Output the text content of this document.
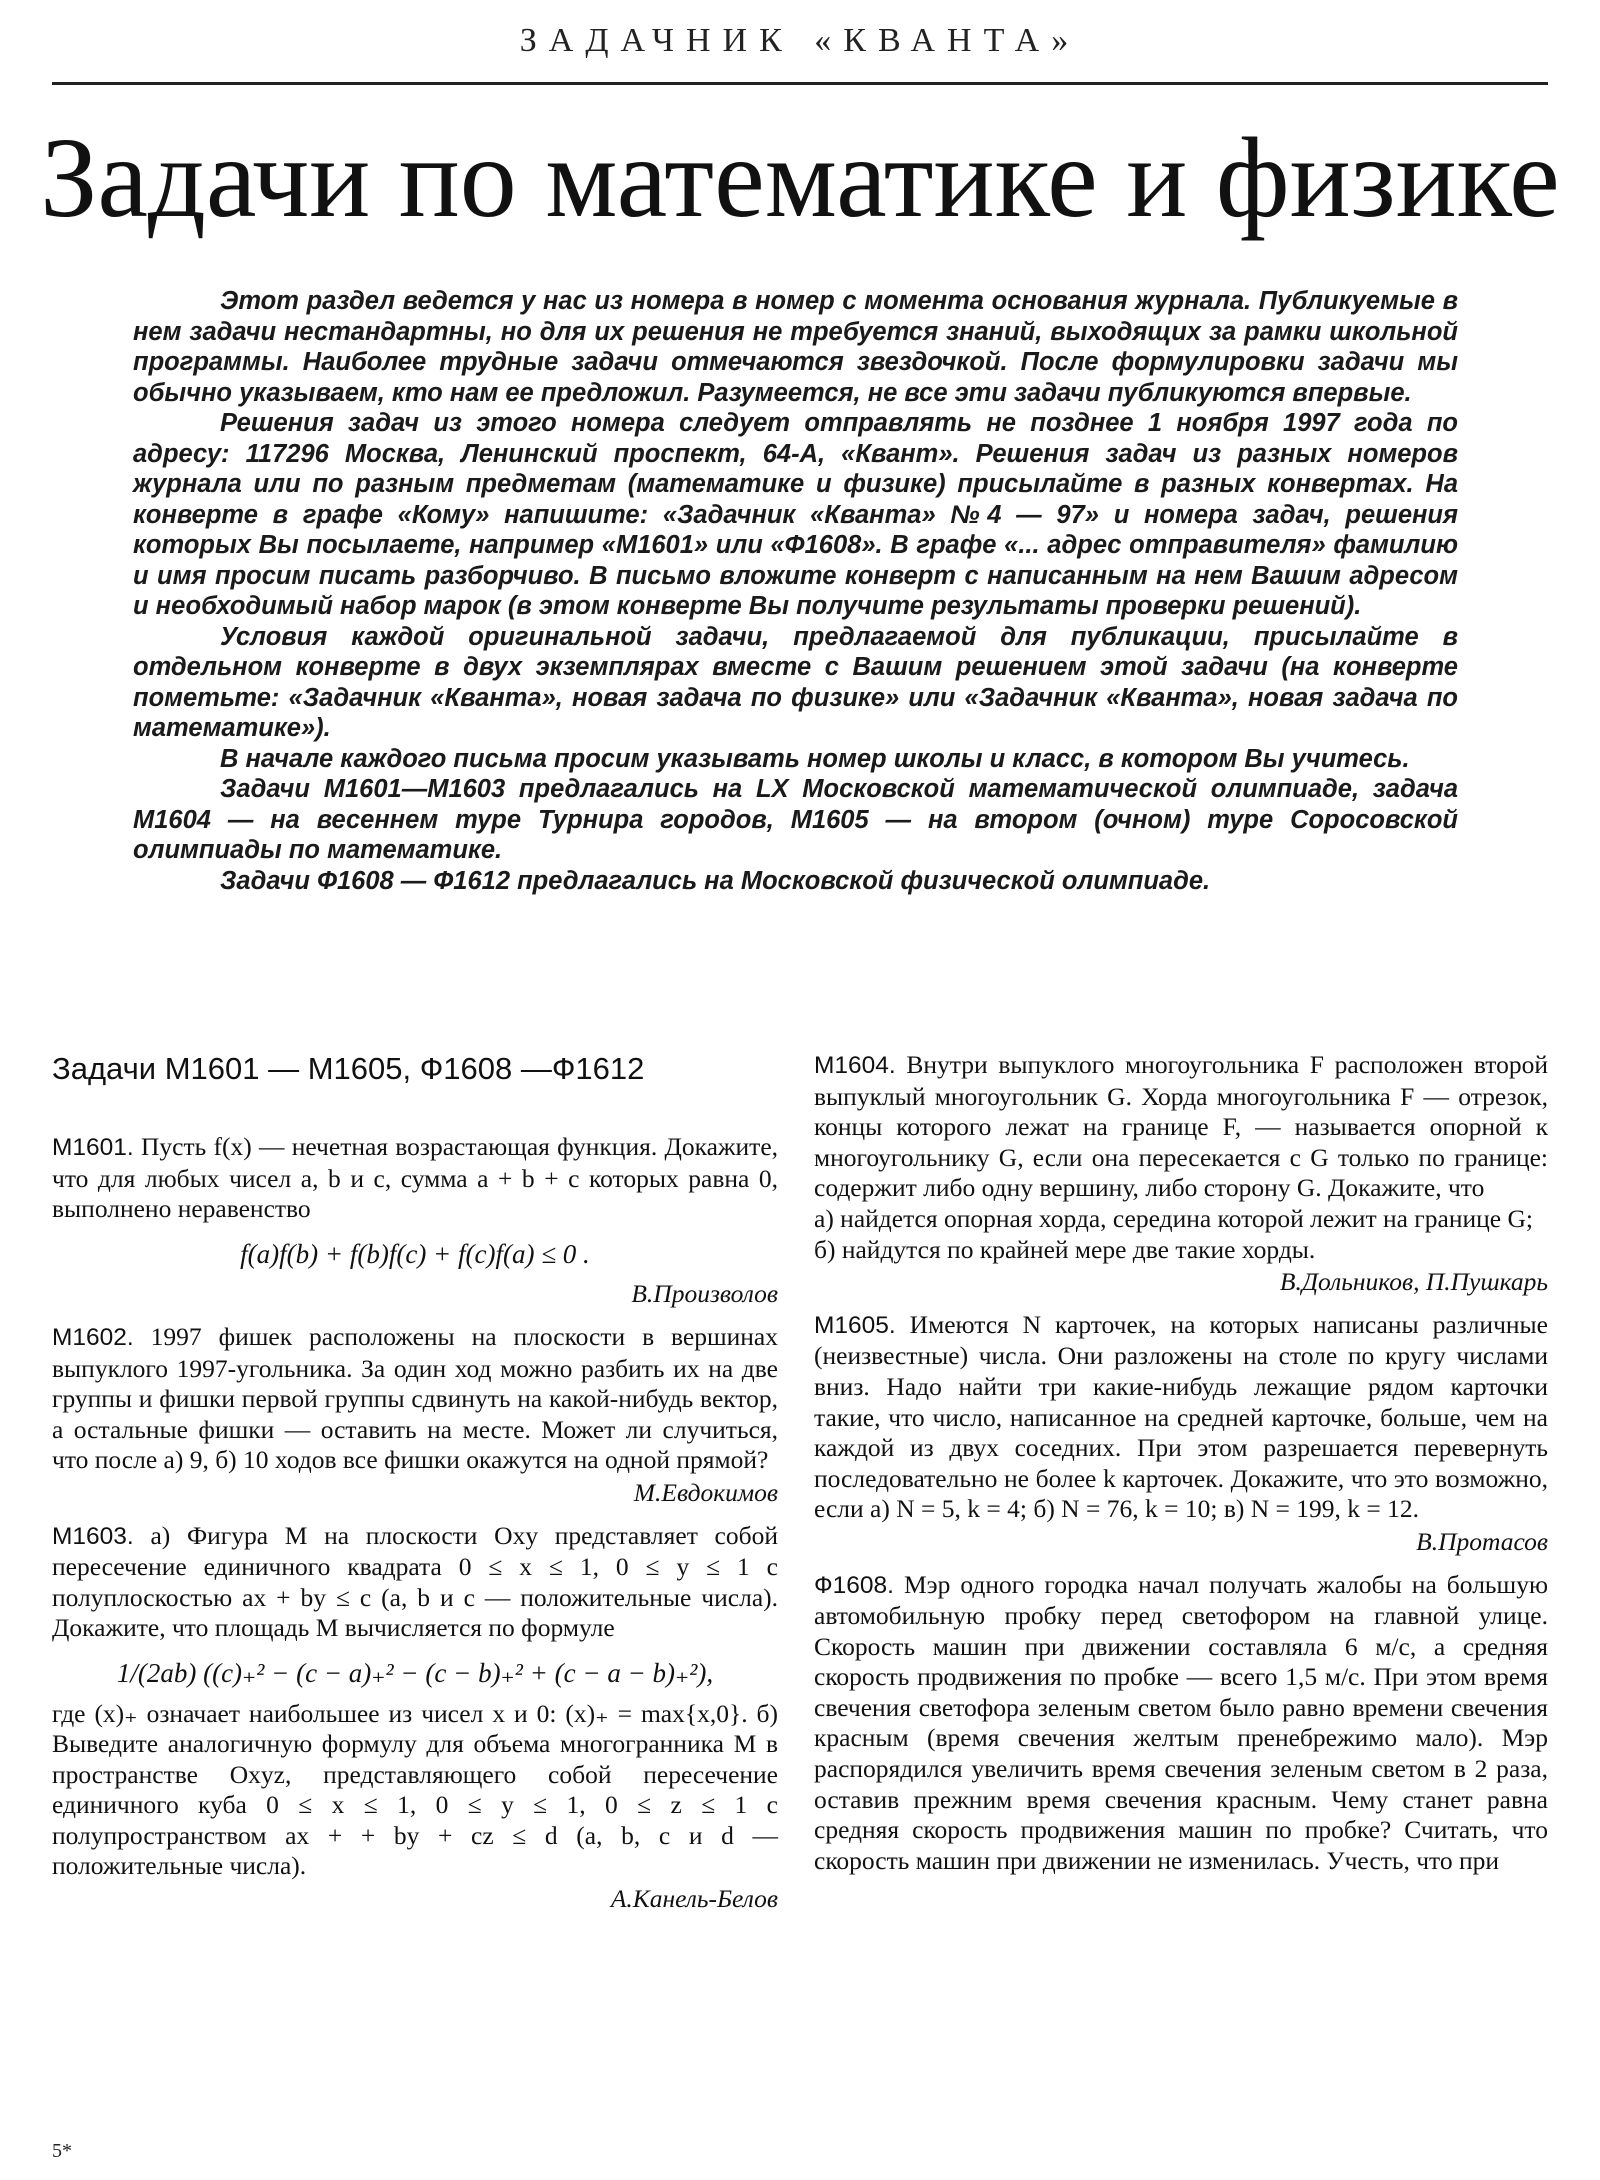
ЗАДАЧНИК «КВАНТА»
Задачи по математике и физике

Этот раздел ведется у нас из номера в номер с момента основания журнала. Публикуемые в нем задачи нестандартны, но для их решения не требуется знаний, выходящих за рамки школьной программы. Наиболее трудные задачи отмечаются звездочкой. После формулировки задачи мы обычно указываем, кто нам ее предложил. Разумеется, не все эти задачи публикуются впервые.

Решения задач из этого номера следует отправлять не позднее 1 ноября 1997 года по адресу: 117296 Москва, Ленинский проспект, 64-А, «Квант». Решения задач из разных номеров журнала или по разным предметам (математике и физике) присылайте в разных конвертах. На конверте в графе «Кому» напишите: «Задачник «Кванта» №4 — 97» и номера задач, решения которых Вы посылаете, например «М1601» или «Ф1608». В графе «... адрес отправителя» фамилию и имя просим писать разборчиво. В письмо вложите конверт с написанным на нем Вашим адресом и необходимый набор марок (в этом конверте Вы получите результаты проверки решений).

Условия каждой оригинальной задачи, предлагаемой для публикации, присылайте в отдельном конверте в двух экземплярах вместе с Вашим решением этой задачи (на конверте пометьте: «Задачник «Кванта», новая задача по физике» или «Задачник «Кванта», новая задача по математике»).

В начале каждого письма просим указывать номер школы и класс, в котором Вы учитесь.

Задачи М1601—М1603 предлагались на LX Московской математической олимпиаде, задача М1604 — на весеннем туре Турнира городов, М1605 — на втором (очном) туре Соросовской олимпиады по математике.

Задачи Ф1608 — Ф1612 предлагались на Московской физической олимпиаде.

Задачи М1601 — М1605, Ф1608 —Ф1612
М1601. Пусть f(x) — нечетная возрастающая функция. Докажите, что для любых чисел a, b и c, сумма a + b + c которых равна 0, выполнено неравенство
f(a)f(b) + f(b)f(c) + f(c)f(a) ≤ 0 .
В.Произволов
М1602. 1997 фишек расположены на плоскости в вершинах выпуклого 1997-угольника. За один ход можно разбить их на две группы и фишки первой группы сдвинуть на какой-нибудь вектор, а остальные фишки — оставить на месте. Может ли случиться, что после а) 9, б) 10 ходов все фишки окажутся на одной прямой?
М.Евдокимов
М1603. а) Фигура M на плоскости Oxy представляет собой пересечение единичного квадрата 0 ≤ x ≤ 1, 0 ≤ y ≤ 1 с полуплоскостью ax + by ≤ c (a, b и c — положительные числа). Докажите, что площадь M вычисляется по формуле
1/(2ab) ((c)₊² − (c − a)₊² − (c − b)₊² + (c − a − b)₊²),
где (x)₊ означает наибольшее из чисел x и 0: (x)₊ = max{x,0}. б) Выведите аналогичную формулу для объема многогранника M в пространстве Oxyz, представляющего собой пересечение единичного куба 0 ≤ x ≤ 1, 0 ≤ y ≤ 1, 0 ≤ z ≤ 1 с полупространством ax + + by + cz ≤ d (a, b, c и d — положительные числа).
А.Канель-Белов
М1604. Внутри выпуклого многоугольника F расположен второй выпуклый многоугольник G. Хорда многоугольника F — отрезок, концы которого лежат на границе F, — называется опорной к многоугольнику G, если она пересекается с G только по границе: содержит либо одну вершину, либо сторону G. Докажите, что
а) найдется опорная хорда, середина которой лежит на границе G;
б) найдутся по крайней мере две такие хорды.
В.Дольников, П.Пушкарь
М1605. Имеются N карточек, на которых написаны различные (неизвестные) числа. Они разложены на столе по кругу числами вниз. Надо найти три какие-нибудь лежащие рядом карточки такие, что число, написанное на средней карточке, больше, чем на каждой из двух соседних. При этом разрешается перевернуть последовательно не более k карточек. Докажите, что это возможно, если а) N = 5, k = 4; б) N = 76, k = 10; в) N = 199, k = 12.
В.Протасов
Ф1608. Мэр одного городка начал получать жалобы на большую автомобильную пробку перед светофором на главной улице. Скорость машин при движении составляла 6 м/с, а средняя скорость продвижения по пробке — всего 1,5 м/с. При этом время свечения светофора зеленым светом было равно времени свечения красным (время свечения желтым пренебрежимо мало). Мэр распорядился увеличить время свечения зеленым светом в 2 раза, оставив прежним время свечения красным. Чему станет равна средняя скорость продвижения машин по пробке? Считать, что скорость машин при движении не изменилась. Учесть, что при
5*
